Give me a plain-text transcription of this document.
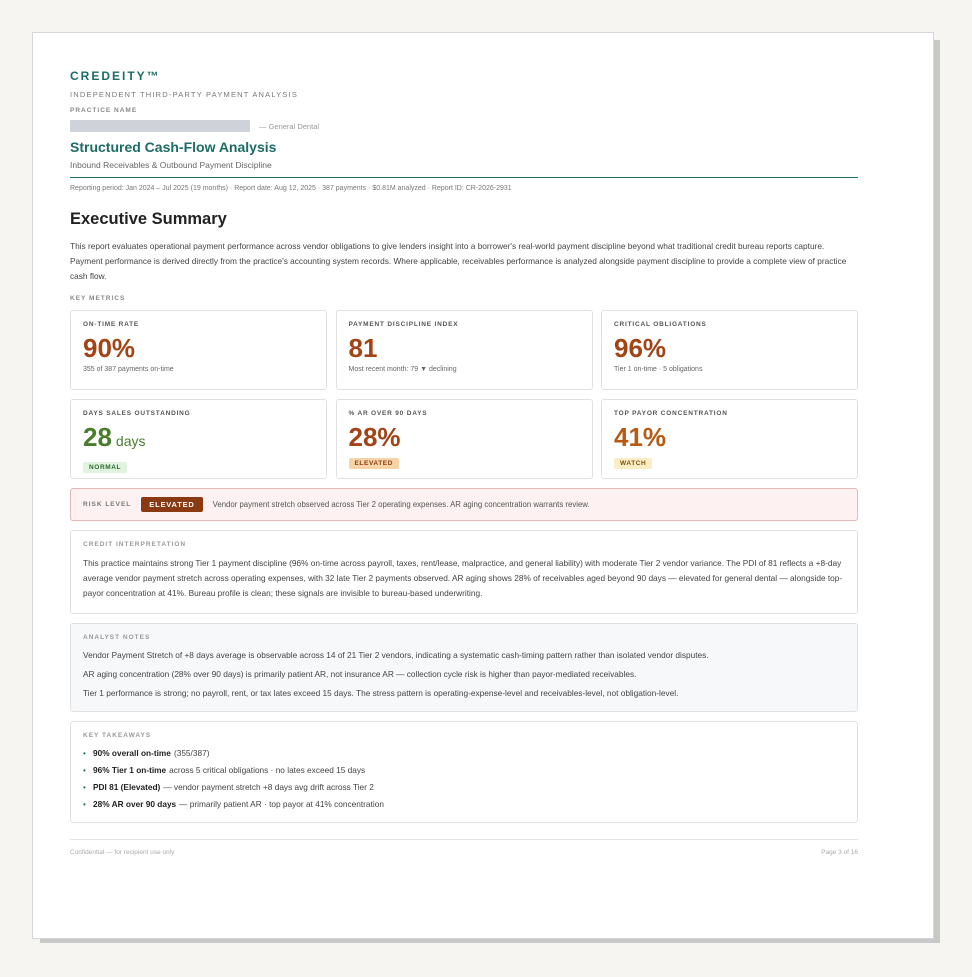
CREDEITY™
INDEPENDENT THIRD-PARTY PAYMENT ANALYSIS
PRACTICE NAME
— General Dental
Structured Cash-Flow Analysis
Inbound Receivables & Outbound Payment Discipline
Reporting period: Jan 2024 – Jul 2025 (19 months) · Report date: Aug 12, 2025 · 387 payments · $0.81M analyzed · Report ID: CR-2026-2931
Executive Summary
This report evaluates operational payment performance across vendor obligations to give lenders insight into a borrower's real-world payment discipline beyond what traditional credit bureau reports capture. Payment performance is derived directly from the practice's accounting system records. Where applicable, receivables performance is analyzed alongside payment discipline to provide a complete view of practice cash flow.
KEY METRICS
ON-TIME RATE
90%
355 of 387 payments on-time
PAYMENT DISCIPLINE INDEX
81
Most recent month: 79 ▼ declining
CRITICAL OBLIGATIONS
96%
Tier 1 on-time · 5 obligations
DAYS SALES OUTSTANDING
28 days
NORMAL
% AR OVER 90 DAYS
28%
ELEVATED
TOP PAYOR CONCENTRATION
41%
WATCH
RISK LEVEL	ELEVATED	Vendor payment stretch observed across Tier 2 operating expenses. AR aging concentration warrants review.
CREDIT INTERPRETATION
This practice maintains strong Tier 1 payment discipline (96% on-time across payroll, taxes, rent/lease, malpractice, and general liability) with moderate Tier 2 vendor variance. The PDI of 81 reflects a +8-day average vendor payment stretch across operating expenses, with 32 late Tier 2 payments observed. AR aging shows 28% of receivables aged beyond 90 days — elevated for general dental — alongside top-payor concentration at 41%. Bureau profile is clean; these signals are invisible to bureau-based underwriting.
ANALYST NOTES
Vendor Payment Stretch of +8 days average is observable across 14 of 21 Tier 2 vendors, indicating a systematic cash-timing pattern rather than isolated vendor disputes.
AR aging concentration (28% over 90 days) is primarily patient AR, not insurance AR — collection cycle risk is higher than payor-mediated receivables.
Tier 1 performance is strong; no payroll, rent, or tax lates exceed 15 days. The stress pattern is operating-expense-level and receivables-level, not obligation-level.
KEY TAKEAWAYS
• 90% overall on-time (355/387)
• 96% Tier 1 on-time across 5 critical obligations · no lates exceed 15 days
• PDI 81 (Elevated) — vendor payment stretch +8 days avg drift across Tier 2
• 28% AR over 90 days — primarily patient AR · top payor at 41% concentration
Confidential — for recipient use only	Page 3 of 16
